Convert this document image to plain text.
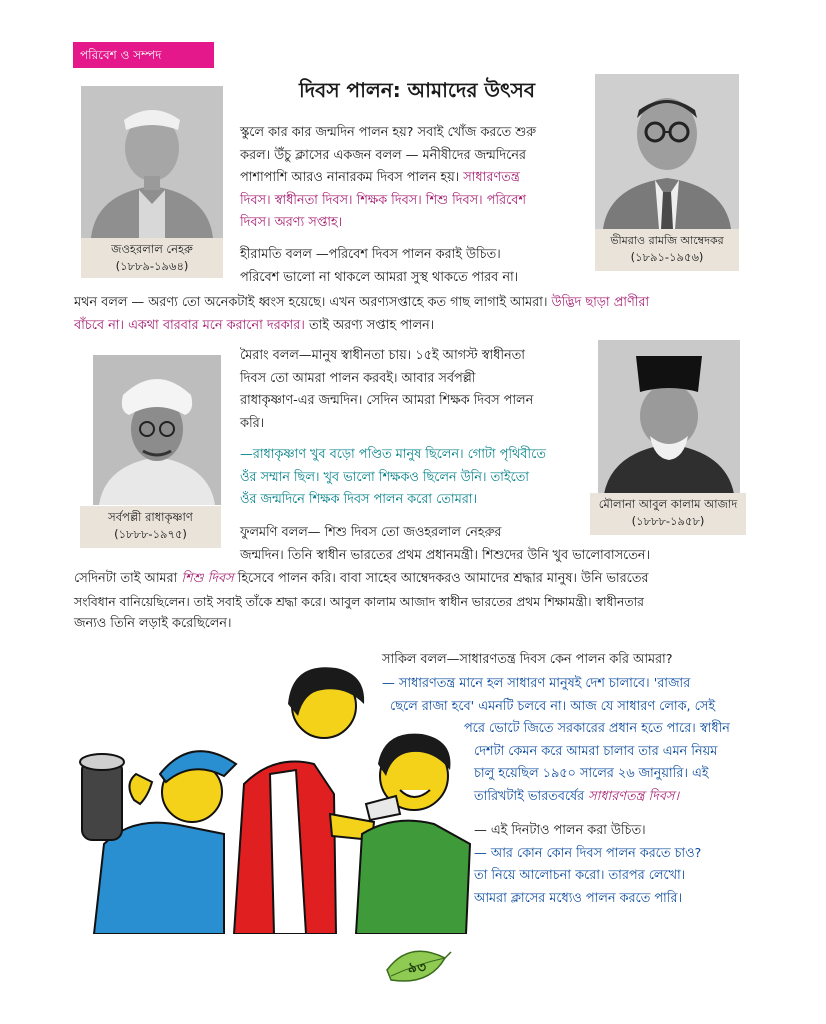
পরিবেশ ও সম্পদ
দিবস পালন: আমাদের উৎসব
জওহরলাল নেহরু
(১৮৮৯-১৯৬৪)
ভীমরাও রামজি আম্বেদকর
(১৮৯১-১৯৫৬)
সর্বপল্লী রাধাকৃষ্ণাণ
(১৮৮৮-১৯৭৫)
মৌলানা আবুল কালাম আজাদ
(১৮৮৮-১৯৫৮)
স্কুলে কার কার জন্মদিন পালন হয়? সবাই খোঁজ করতে শুরু
করল। উঁচু ক্লাসের একজন বলল — মনীষীদের জন্মদিনের
পাশাপাশি আরও নানারকম দিবস পালন হয়। সাধারণতন্ত্র
দিবস। স্বাধীনতা দিবস। শিক্ষক দিবস। শিশু দিবস। পরিবেশ
দিবস। অরণ্য সপ্তাহ।
হীরামতি বলল —পরিবেশ দিবস পালন করাই উচিত।
পরিবেশ ভালো না থাকলে আমরা সুস্থ থাকতে পারব না।
মথন বলল — অরণ্য তো অনেকটাই ধ্বংস হয়েছে। এখন অরণ্যসপ্তাহে কত গাছ লাগাই আমরা। উদ্ভিদ ছাড়া প্রাণীরা
বাঁচবে না। একথা বারবার মনে করানো দরকার। তাই অরণ্য সপ্তাহ পালন।
মৈরাং বলল—মানুষ স্বাধীনতা চায়। ১৫ই আগস্ট স্বাধীনতা
দিবস তো আমরা পালন করবই। আবার সর্বপল্লী
রাধাকৃষ্ণাণ-এর জন্মদিন। সেদিন আমরা শিক্ষক দিবস পালন
করি।
—রাধাকৃষ্ণাণ খুব বড়ো পণ্ডিত মানুষ ছিলেন। গোটা পৃথিবীতে
ওঁর সম্মান ছিল। খুব ভালো শিক্ষকও ছিলেন উনি। তাইতো
ওঁর জন্মদিনে শিক্ষক দিবস পালন করো তোমরা।
ফুলমণি বলল— শিশু দিবস তো জওহরলাল নেহরুর
জন্মদিন। তিনি স্বাধীন ভারতের প্রথম প্রধানমন্ত্রী। শিশুদের উনি খুব ভালোবাসতেন।
সেদিনটা তাই আমরা শিশু দিবস হিসেবে পালন করি। বাবা সাহেব আম্বেদকরও আমাদের শ্রদ্ধার মানুষ। উনি ভারতের
সংবিধান বানিয়েছিলেন। তাই সবাই তাঁকে শ্রদ্ধা করে। আবুল কালাম আজাদ স্বাধীন ভারতের প্রথম শিক্ষামন্ত্রী। স্বাধীনতার
জন্যও তিনি লড়াই করেছিলেন।
সাকিল বলল—সাধারণতন্ত্র দিবস কেন পালন করি আমরা?
— সাধারণতন্ত্র মানে হল সাধারণ মানুষই দেশ চালাবে। 'রাজার
ছেলে রাজা হবে' এমনটি চলবে না। আজ যে সাধারণ লোক, সেই
পরে ভোটে জিতে সরকারের প্রধান হতে পারে। স্বাধীন
দেশটা কেমন করে আমরা চালাব তার এমন নিয়ম
চালু হয়েছিল ১৯৫০ সালের ২৬ জানুয়ারি। এই
তারিখটাই ভারতবর্ষের সাধারণতন্ত্র দিবস।
— এই দিনটাও পালন করা উচিত।
— আর কোন কোন দিবস পালন করতে চাও?
তা নিয়ে আলোচনা করো। তারপর লেখো।
আমরা ক্লাসের মধ্যেও পালন করতে পারি।
৯৩
